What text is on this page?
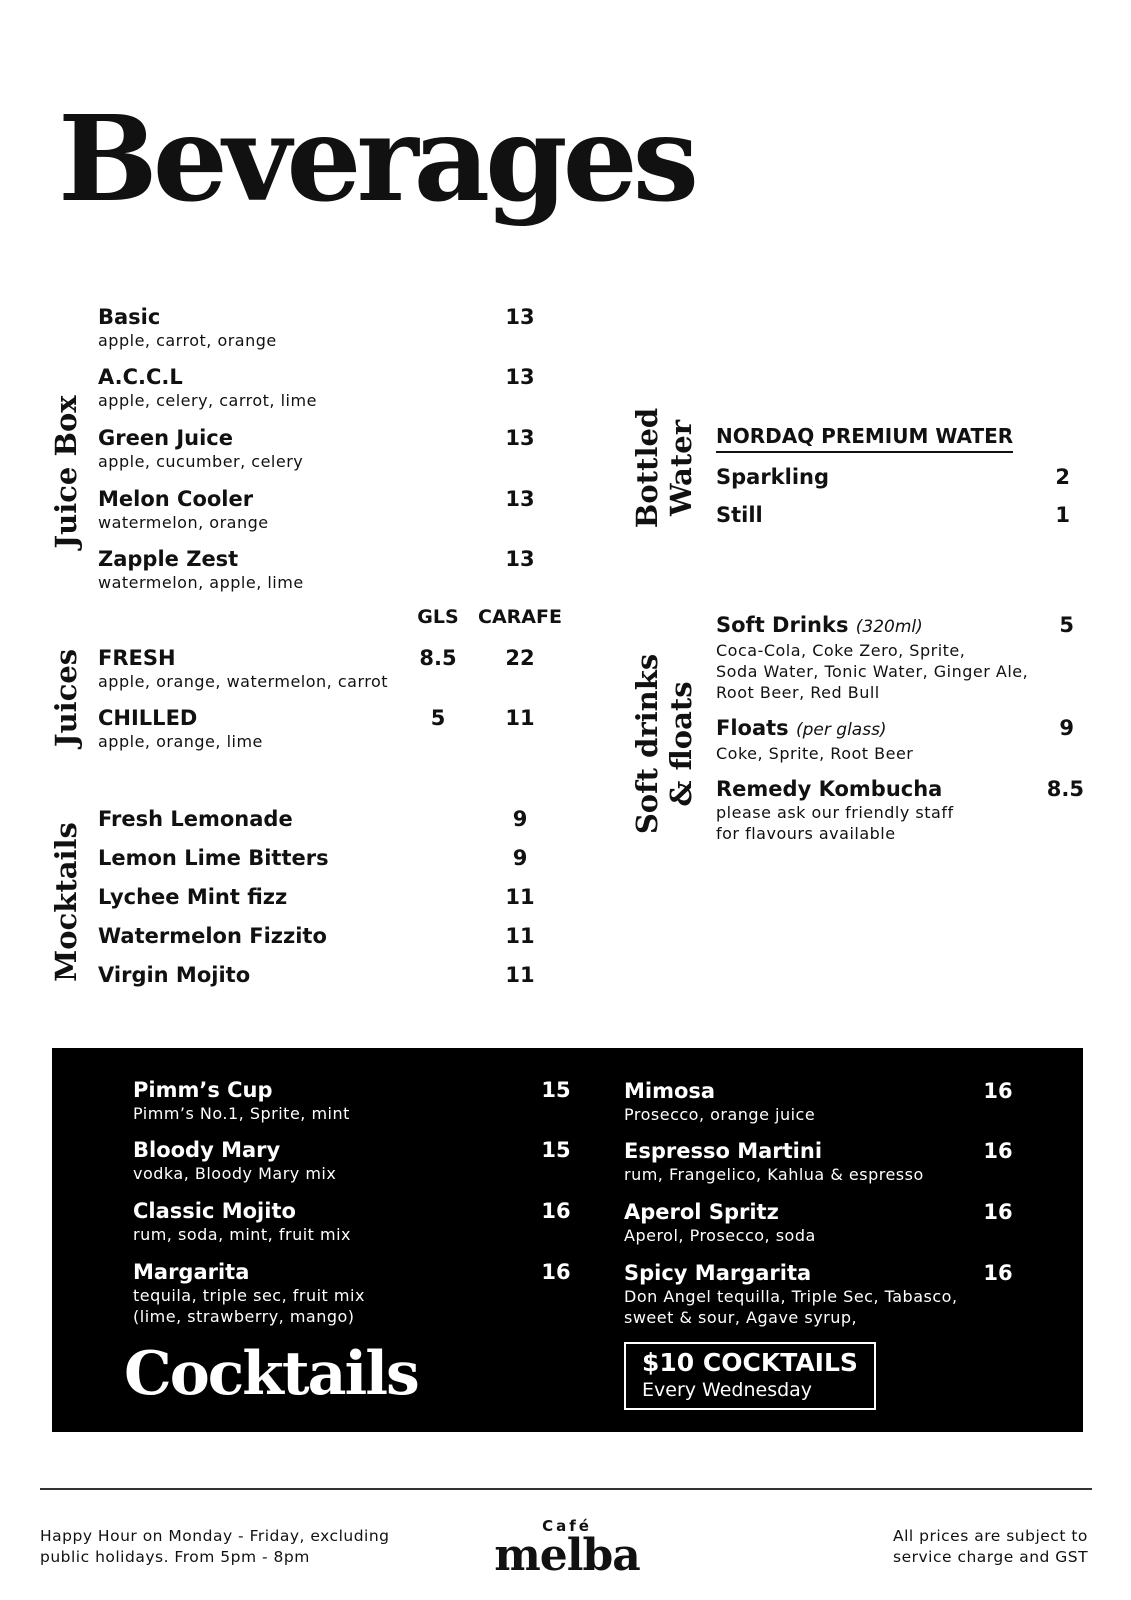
Beverages
Juice Box
Basic
apple, carrot, orange
13
A.C.C.L
apple, celery, carrot, lime
13
Green Juice
apple, cucumber, celery
13
Melon Cooler
watermelon, orange
13
Zapple Zest
watermelon, apple, lime
13
Juices
GLS	CARAFE
FRESH
apple, orange, watermelon, carrot
8.5	22
CHILLED
apple, orange, lime
5	11
Mocktails
Fresh Lemonade	9
Lemon Lime Bitters	9
Lychee Mint fizz	11
Watermelon Fizzito	11
Virgin Mojito	11
Bottled Water NORDAQ PREMIUM WATER
Sparkling	2
Still	1
Soft drinks & floats
Soft Drinks (320ml)
Coca-Cola, Coke Zero, Sprite,
Soda Water, Tonic Water, Ginger Ale,
Root Beer, Red Bull
5
Floats (per glass)
Coke, Sprite, Root Beer
9
Remedy Kombucha
please ask our friendly staff
for flavours available
8.5
Pimm’s Cup
Pimm’s No.1, Sprite, mint
15
Bloody Mary
vodka, Bloody Mary mix
15
Classic Mojito
rum, soda, mint, fruit mix
16
Margarita
tequila, triple sec, fruit mix
(lime, strawberry, mango)
16
Cocktails
Mimosa
Prosecco, orange juice
16
Espresso Martini
rum, Frangelico, Kahlua & espresso
16
Aperol Spritz
Aperol, Prosecco, soda
16
Spicy Margarita
Don Angel tequilla, Triple Sec, Tabasco,
sweet & sour, Agave syrup,
16
$10 COCKTAILS
Every Wednesday
Happy Hour on Monday - Friday, excluding
public holidays. From 5pm - 8pm
Café
melba	All prices are subject to
service charge and GST
